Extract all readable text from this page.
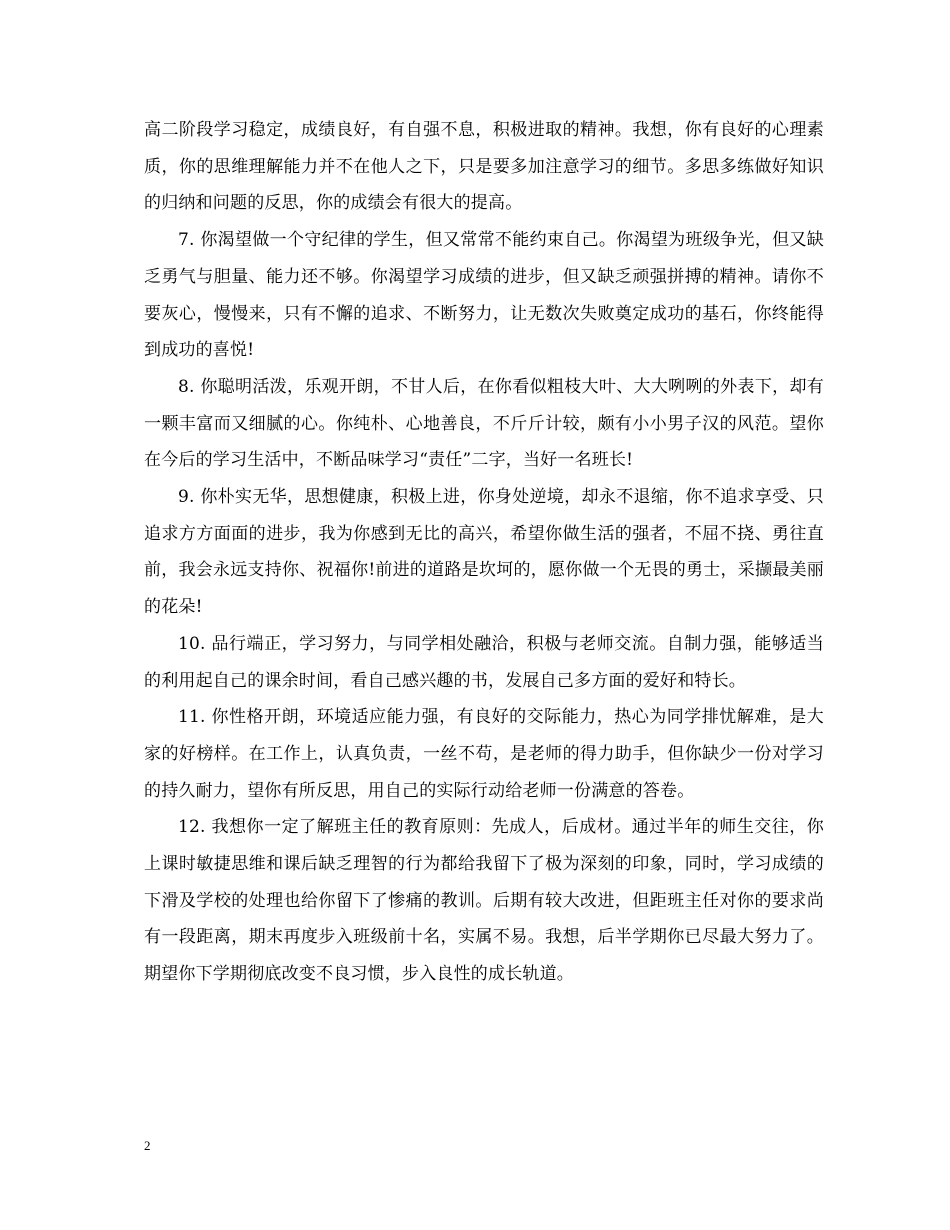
高二阶段学习稳定，成绩良好，有自强不息，积极进取的精神。我想，你有良好的心理素质，你的思维理解能力并不在他人之下，只是要多加注意学习的细节。多思多练做好知识的归纳和问题的反思，你的成绩会有很大的提高。

7. 你渴望做一个守纪律的学生，但又常常不能约束自己。你渴望为班级争光，但又缺乏勇气与胆量、能力还不够。你渴望学习成绩的进步，但又缺乏顽强拼搏的精神。请你不要灰心，慢慢来，只有不懈的追求、不断努力，让无数次失败奠定成功的基石，你终能得到成功的喜悦!

8. 你聪明活泼，乐观开朗，不甘人后，在你看似粗枝大叶、大大咧咧的外表下，却有一颗丰富而又细腻的心。你纯朴、心地善良，不斤斤计较，颇有小小男子汉的风范。望你在今后的学习生活中，不断品味学习“责任”二字，当好一名班长!

9. 你朴实无华，思想健康，积极上进，你身处逆境，却永不退缩，你不追求享受、只追求方方面面的进步，我为你感到无比的高兴，希望你做生活的强者，不屈不挠、勇往直前，我会永远支持你、祝福你!前进的道路是坎坷的，愿你做一个无畏的勇士，采撷最美丽的花朵!

10. 品行端正，学习努力，与同学相处融洽，积极与老师交流。自制力强，能够适当的利用起自己的课余时间，看自己感兴趣的书，发展自己多方面的爱好和特长。

11. 你性格开朗，环境适应能力强，有良好的交际能力，热心为同学排忧解难，是大家的好榜样。在工作上，认真负责，一丝不苟，是老师的得力助手，但你缺少一份对学习的持久耐力，望你有所反思，用自己的实际行动给老师一份满意的答卷。

12. 我想你一定了解班主任的教育原则：先成人，后成材。通过半年的师生交往，你上课时敏捷思维和课后缺乏理智的行为都给我留下了极为深刻的印象，同时，学习成绩的下滑及学校的处理也给你留下了惨痛的教训。后期有较大改进，但距班主任对你的要求尚有一段距离，期末再度步入班级前十名，实属不易。我想，后半学期你已尽最大努力了。期望你下学期彻底改变不良习惯，步入良性的成长轨道。

2
